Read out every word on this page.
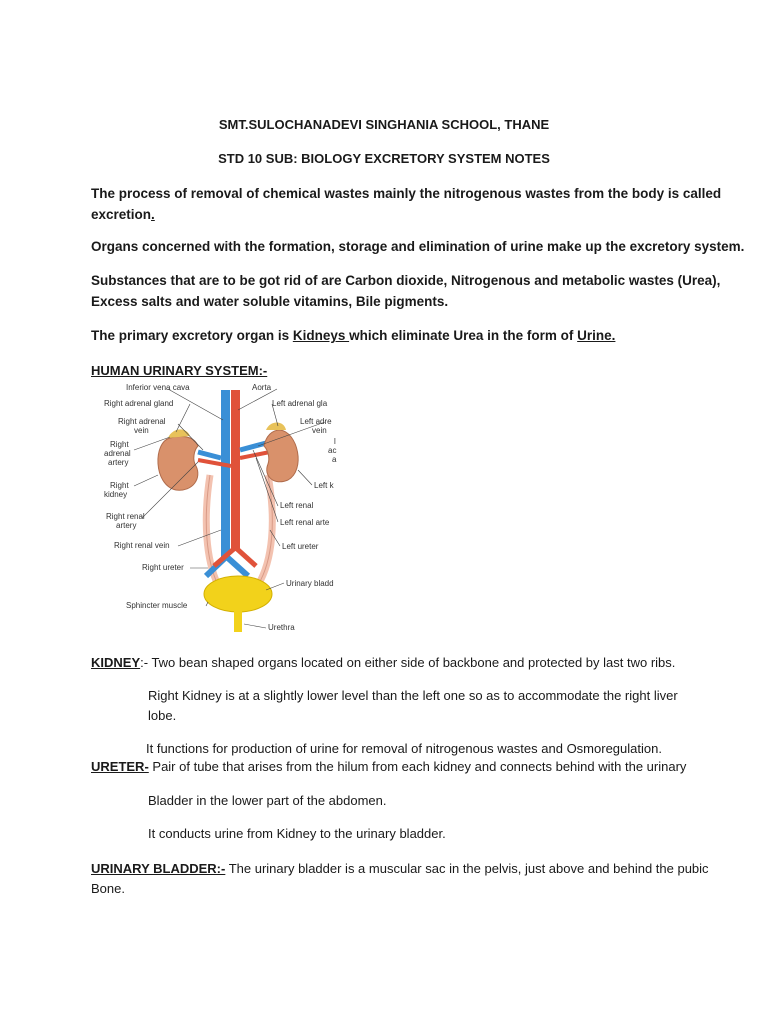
SMT.SULOCHANADEVI SINGHANIA SCHOOL, THANE
STD 10 SUB: BIOLOGY EXCRETORY SYSTEM NOTES
The process of removal of chemical wastes mainly the nitrogenous wastes from the body is called
excretion.
Organs concerned with the formation, storage and elimination of urine make up the excretory system.
Substances that are to be got rid of are Carbon dioxide, Nitrogenous and metabolic wastes (Urea),
Excess salts and water soluble vitamins, Bile pigments.
The primary excretory organ is Kidneys which eliminate Urea in the form of Urine.
HUMAN URINARY SYSTEM:-
Inferior vena cava	Aorta
Right adrenal gland	Left adrenal gla
Right adrenal
vein
Left adre
vein
Right
adrenal
artery
l
ac
a
Right
kidney
Left k
Right renal
artery
Left renal
Left renal arte
Right renal vein	Left ureter
Right ureter
Urinary bladd
Sphincter muscle
Urethra
KIDNEY:- Two bean shaped organs located on either side of backbone and protected by last two ribs.
Right Kidney is at a slightly lower level than the left one so as to accommodate the right liver
lobe.
It functions for production of urine for removal of nitrogenous wastes and Osmoregulation.
URETER- Pair of tube that arises from the hilum from each kidney and connects behind with the urinary
Bladder in the lower part of the abdomen.
It conducts urine from Kidney to the urinary bladder.
URINARY BLADDER:- The urinary bladder is a muscular sac in the pelvis, just above and behind the pubic
Bone.
